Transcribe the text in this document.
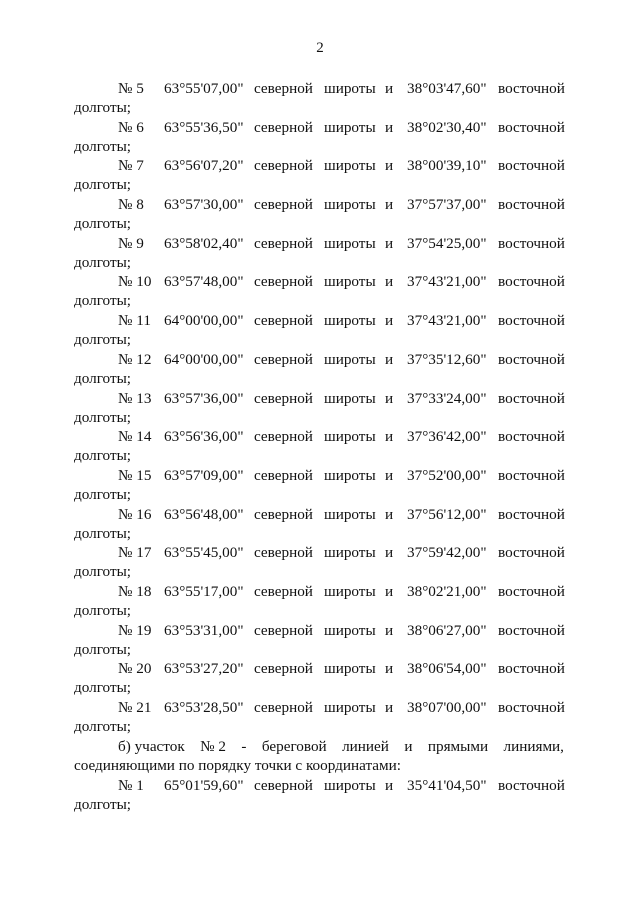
2
№ 5 63°55'07,00" северной широты и 38°03'47,60" восточной
долготы;
№ 6 63°55'36,50" северной широты и 38°02'30,40" восточной
долготы;
№ 7 63°56'07,20" северной широты и 38°00'39,10" восточной
долготы;
№ 8 63°57'30,00" северной широты и 37°57'37,00" восточной
долготы;
№ 9 63°58'02,40" северной широты и 37°54'25,00" восточной
долготы;
№ 10 63°57'48,00" северной широты и 37°43'21,00" восточной
долготы;
№ 11 64°00'00,00" северной широты и 37°43'21,00" восточной
долготы;
№ 12 64°00'00,00" северной широты и 37°35'12,60" восточной
долготы;
№ 13 63°57'36,00" северной широты и 37°33'24,00" восточной
долготы;
№ 14 63°56'36,00" северной широты и 37°36'42,00" восточной
долготы;
№ 15 63°57'09,00" северной широты и 37°52'00,00" восточной
долготы;
№ 16 63°56'48,00" северной широты и 37°56'12,00" восточной
долготы;
№ 17 63°55'45,00" северной широты и 37°59'42,00" восточной
долготы;
№ 18 63°55'17,00" северной широты и 38°02'21,00" восточной
долготы;
№ 19 63°53'31,00" северной широты и 38°06'27,00" восточной
долготы;
№ 20 63°53'27,20" северной широты и 38°06'54,00" восточной
долготы;
№ 21 63°53'28,50" северной широты и 38°07'00,00" восточной
долготы;
б) участок № 2 - береговой линией и прямыми линиями,
соединяющими по порядку точки с координатами:
№ 1 65°01'59,60" северной широты и 35°41'04,50" восточной
долготы;
